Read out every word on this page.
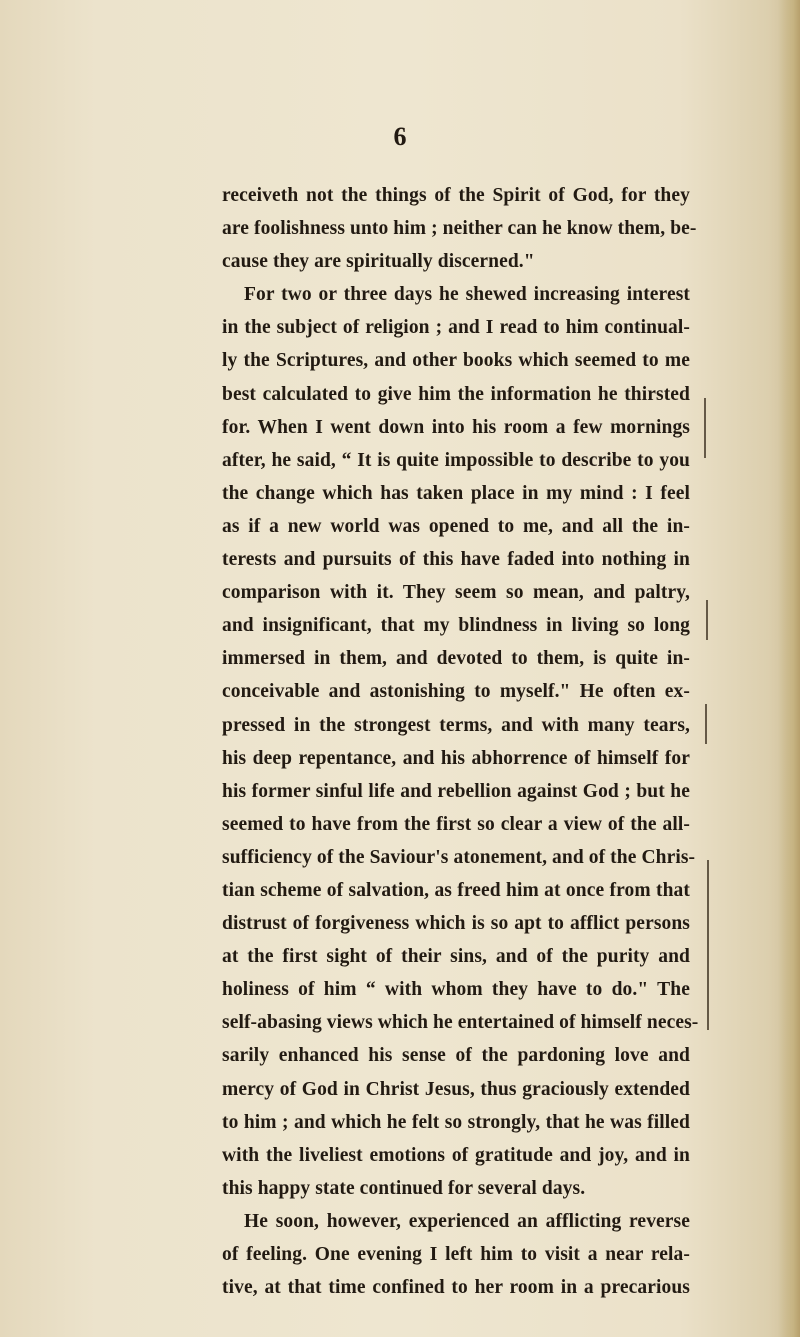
6
receiveth not the things of the Spirit of God, for they
are foolishness unto him ; neither can he know them, be-
cause they are spiritually discerned."
For two or three days he shewed increasing interest
in the subject of religion ; and I read to him continual-
ly the Scriptures, and other books which seemed to me
best calculated to give him the information he thirsted
for. When I went down into his room a few mornings
after, he said, “ It is quite impossible to describe to you
the change which has taken place in my mind : I feel
as if a new world was opened to me, and all the in-
terests and pursuits of this have faded into nothing in
comparison with it. They seem so mean, and paltry,
and insignificant, that my blindness in living so long
immersed in them, and devoted to them, is quite in-
conceivable and astonishing to myself." He often ex-
pressed in the strongest terms, and with many tears,
his deep repentance, and his abhorrence of himself for
his former sinful life and rebellion against God ; but he
seemed to have from the first so clear a view of the all-
sufficiency of the Saviour's atonement, and of the Chris-
tian scheme of salvation, as freed him at once from that
distrust of forgiveness which is so apt to afflict persons
at the first sight of their sins, and of the purity and
holiness of him “ with whom they have to do." The
self-abasing views which he entertained of himself neces-
sarily enhanced his sense of the pardoning love and
mercy of God in Christ Jesus, thus graciously extended
to him ; and which he felt so strongly, that he was filled
with the liveliest emotions of gratitude and joy, and in
this happy state continued for several days.
He soon, however, experienced an afflicting reverse
of feeling. One evening I left him to visit a near rela-
tive, at that time confined to her room in a precarious
